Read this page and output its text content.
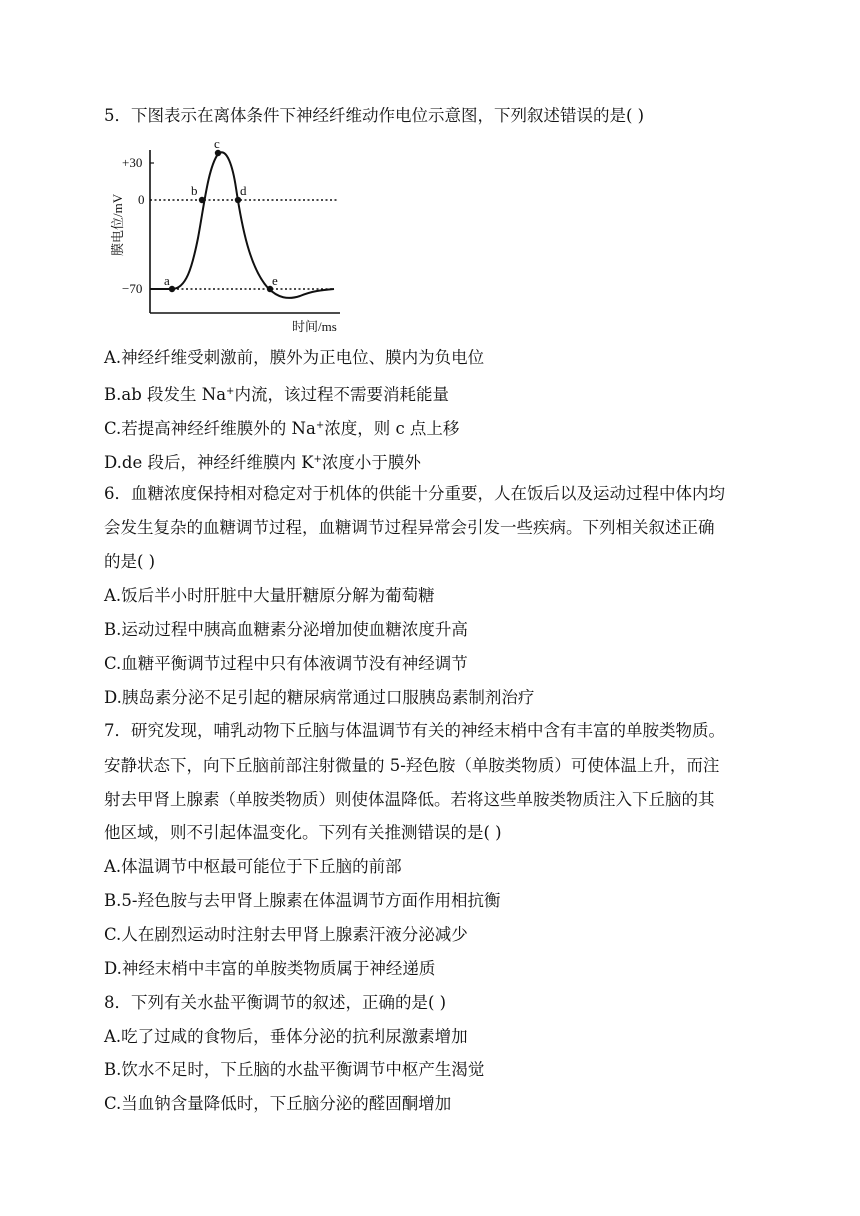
5．下图表示在离体条件下神经纤维动作电位示意图，下列叙述错误的是( )
a
b
c
d
e
+30
0
−70
膜电位/mV
时间/ms
A.神经纤维受刺激前，膜外为正电位、膜内为负电位
B.ab 段发生 Na+内流，该过程不需要消耗能量
C.若提高神经纤维膜外的 Na+浓度，则 c 点上移
D.de 段后，神经纤维膜内 K+浓度小于膜外
6．血糖浓度保持相对稳定对于机体的供能十分重要，人在饭后以及运动过程中体内均
会发生复杂的血糖调节过程，血糖调节过程异常会引发一些疾病。下列相关叙述正确
的是( )
A.饭后半小时肝脏中大量肝糖原分解为葡萄糖
B.运动过程中胰高血糖素分泌增加使血糖浓度升高
C.血糖平衡调节过程中只有体液调节没有神经调节
D.胰岛素分泌不足引起的糖尿病常通过口服胰岛素制剂治疗
7．研究发现，哺乳动物下丘脑与体温调节有关的神经末梢中含有丰富的单胺类物质。
安静状态下，向下丘脑前部注射微量的 5-羟色胺（单胺类物质）可使体温上升，而注
射去甲肾上腺素（单胺类物质）则使体温降低。若将这些单胺类物质注入下丘脑的其
他区域，则不引起体温变化。下列有关推测错误的是( )
A.体温调节中枢最可能位于下丘脑的前部
B.5-羟色胺与去甲肾上腺素在体温调节方面作用相抗衡
C.人在剧烈运动时注射去甲肾上腺素汗液分泌减少
D.神经末梢中丰富的单胺类物质属于神经递质
8．下列有关水盐平衡调节的叙述，正确的是( )
A.吃了过咸的食物后，垂体分泌的抗利尿激素增加
B.饮水不足时，下丘脑的水盐平衡调节中枢产生渴觉
C.当血钠含量降低时，下丘脑分泌的醛固酮增加
